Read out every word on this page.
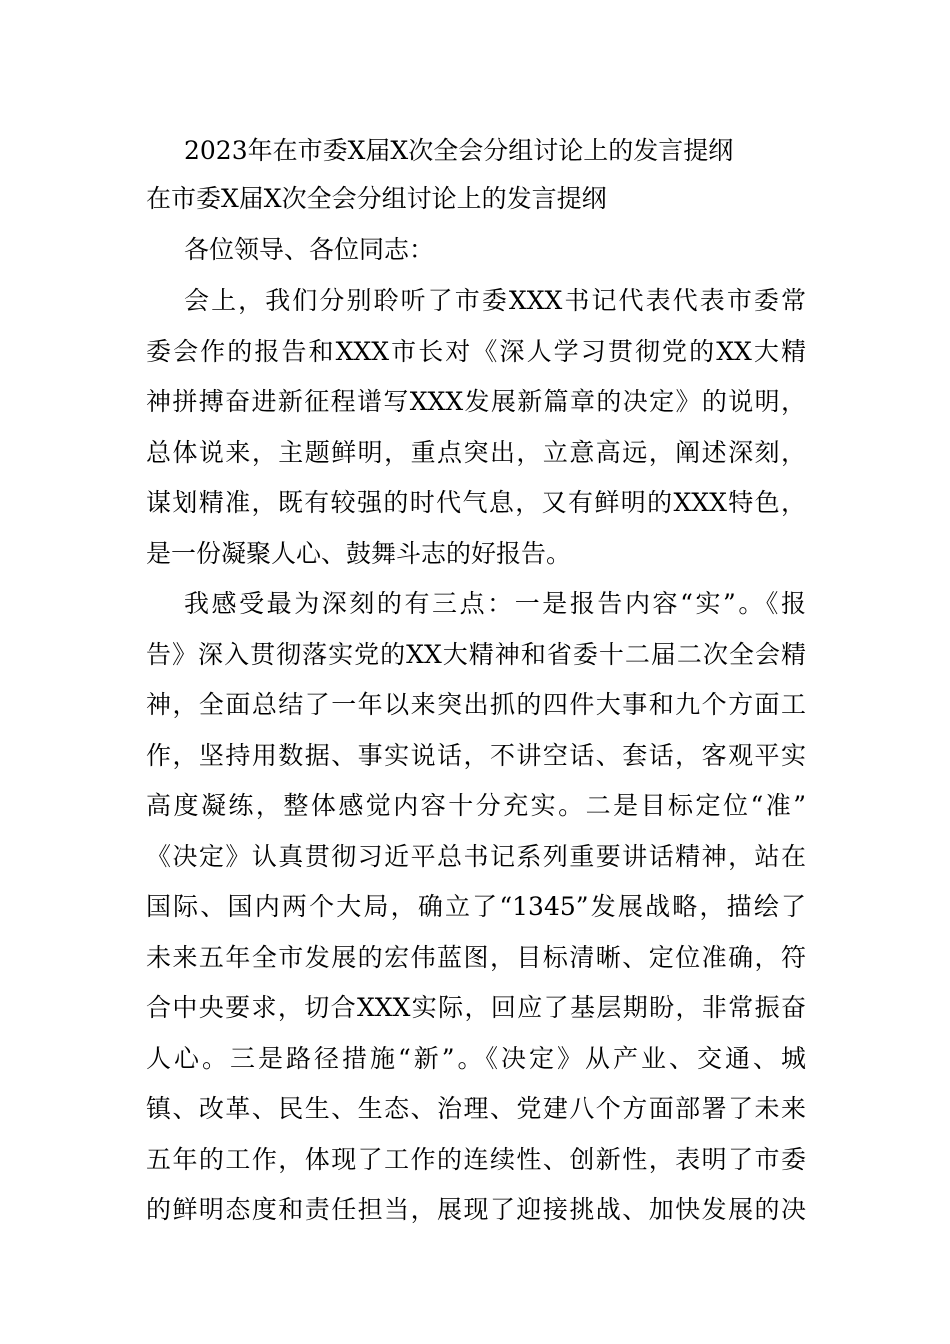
2023年在市委X届X次全会分组讨论上的发言提纲
在市委X届X次全会分组讨论上的发言提纲
各位领导、各位同志：
会上，我们分别聆听了市委XXX书记代表代表市委常
委会作的报告和XXX市长对《深人学习贯彻党的XX大精
神拼搏奋进新征程谱写XXX发展新篇章的决定》的说明，
总体说来，主题鲜明，重点突出，立意高远，阐述深刻，
谋划精准，既有较强的时代气息，又有鲜明的XXX特色，
是一份凝聚人心、鼓舞斗志的好报告。
我感受最为深刻的有三点：一是报告内容“实”。《报
告》深入贯彻落实党的XX大精神和省委十二届二次全会精
神，全面总结了一年以来突出抓的四件大事和九个方面工
作，坚持用数据、事实说话，不讲空话、套话，客观平实
高度凝练，整体感觉内容十分充实。二是目标定位“准”
《决定》认真贯彻习近平总书记系列重要讲话精神，站在
国际、国内两个大局，确立了“1345”发展战略，描绘了
未来五年全市发展的宏伟蓝图，目标清晰、定位准确，符
合中央要求，切合XXX实际，回应了基层期盼，非常振奋
人心。三是路径措施“新”。《决定》从产业、交通、城
镇、改革、民生、生态、治理、党建八个方面部署了未来
五年的工作，体现了工作的连续性、创新性，表明了市委
的鲜明态度和责任担当，展现了迎接挑战、加快发展的决
